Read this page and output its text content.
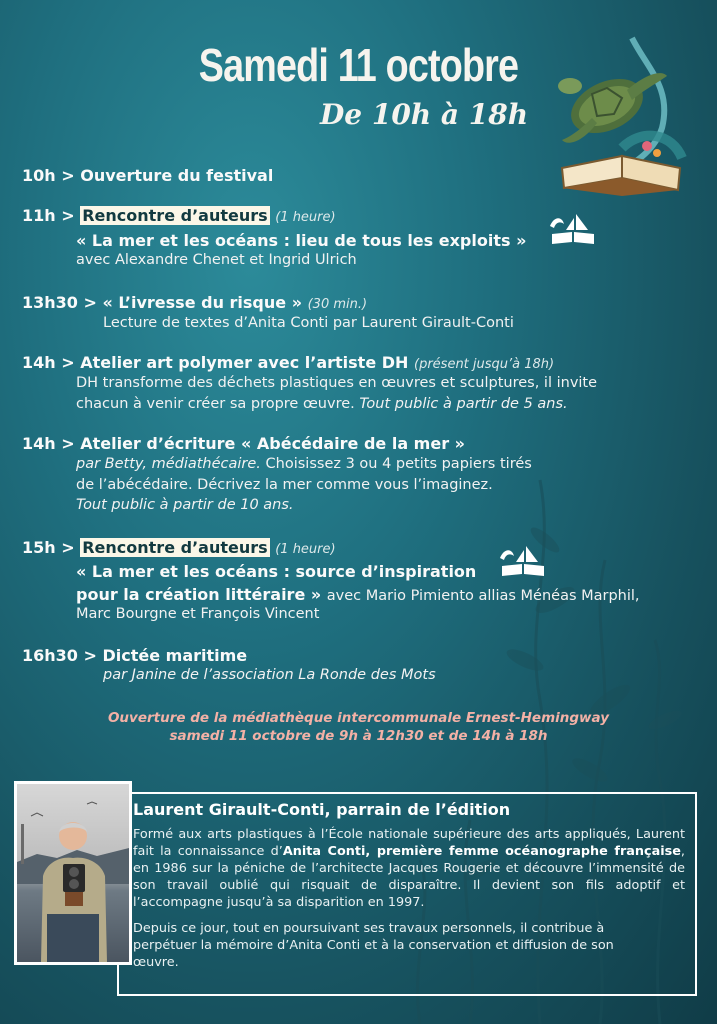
Samedi 11 octobre
De 10h à 18h
10h > Ouverture du festival
11h > Rencontre d’auteurs (1 heure)
« La mer et les océans : lieu de tous les exploits »
avec Alexandre Chenet et Ingrid Ulrich
13h30 > « L’ivresse du risque » (30 min.)
Lecture de textes d’Anita Conti par Laurent Girault-Conti
14h > Atelier art polymer avec l’artiste DH (présent jusqu’à 18h)
DH transforme des déchets plastiques en œuvres et sculptures, il invite
chacun à venir créer sa propre œuvre. Tout public à partir de 5 ans.
14h > Atelier d’écriture « Abécédaire de la mer »
par Betty, médiathécaire. Choisissez 3 ou 4 petits papiers tirés
de l’abécédaire. Décrivez la mer comme vous l’imaginez.
Tout public à partir de 10 ans.
15h > Rencontre d’auteurs (1 heure)
« La mer et les océans : source d’inspiration
pour la création littéraire » avec Mario Pimiento allias Ménéas Marphil,
Marc Bourgne et François Vincent
16h30 > Dictée maritime
par Janine de l’association La Ronde des Mots
Ouverture de la médiathèque intercommunale Ernest-Hemingway
samedi 11 octobre de 9h à 12h30 et de 14h à 18h
Laurent Girault-Conti, parrain de l’édition
Formé aux arts plastiques à l’École nationale supérieure des arts appliqués, Laurent fait la connaissance d’Anita Conti, première femme océanographe française, en 1986 sur la péniche de l’architecte Jacques Rougerie et découvre l’immensité de son travail oublié qui risquait de disparaître. Il devient son fils adoptif et l’accompagne jusqu’à sa disparition en 1997.
Depuis ce jour, tout en poursuivant ses travaux personnels, il contribue à perpétuer la mémoire d’Anita Conti et à la conservation et diffusion de son œuvre.
